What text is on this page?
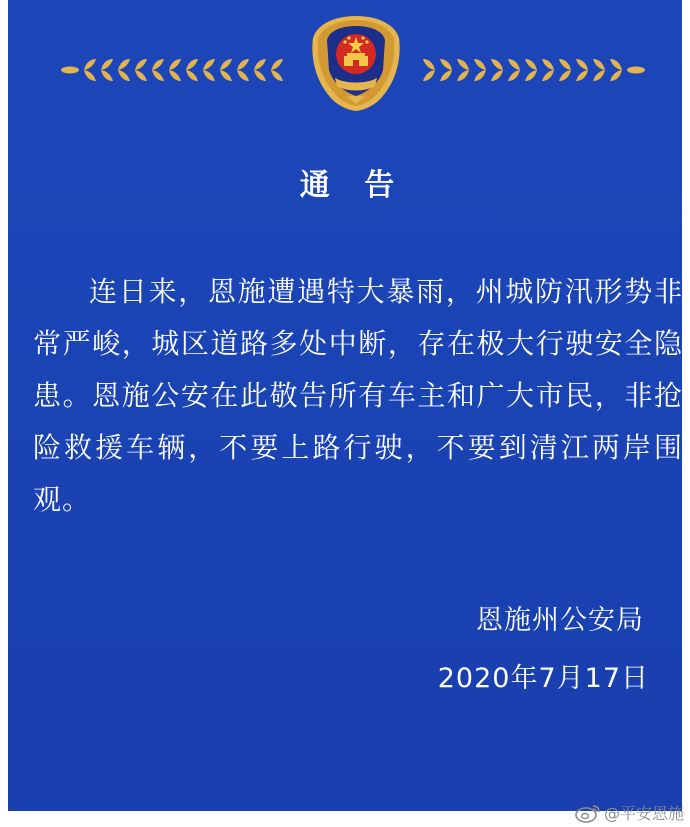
通 告
连日来，恩施遭遇特大暴雨，州城防汛形势非常严峻，城区道路多处中断，存在极大行驶安全隐患。恩施公安在此敬告所有车主和广大市民，非抢险救援车辆，不要上路行驶，不要到清江两岸围观。
恩施州公安局
2020年7月17日
@平安恩施
